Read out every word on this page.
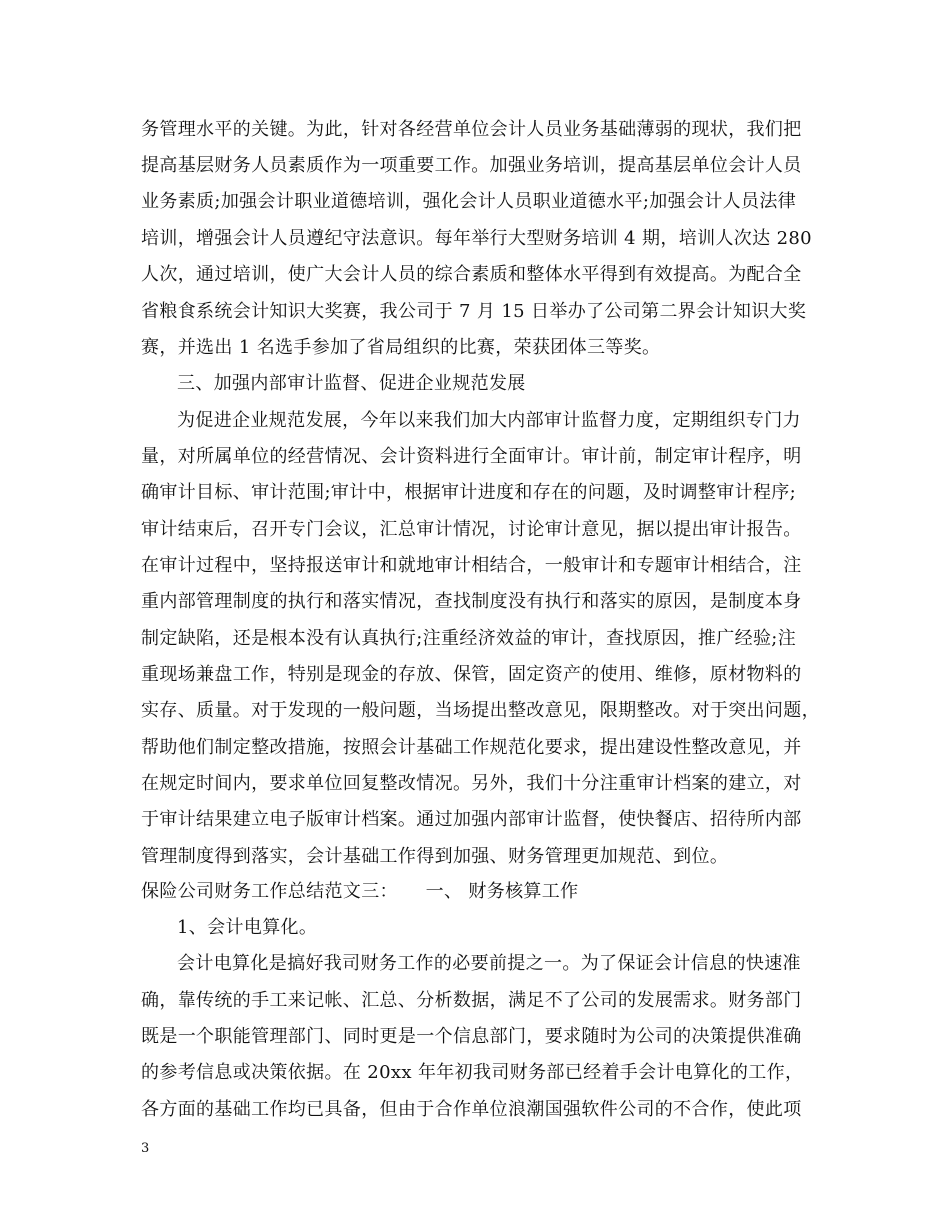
务管理水平的关键。为此，针对各经营单位会计人员业务基础薄弱的现状，我们把
提高基层财务人员素质作为一项重要工作。加强业务培训，提高基层单位会计人员
业务素质;加强会计职业道德培训，强化会计人员职业道德水平;加强会计人员法律
培训，增强会计人员遵纪守法意识。每年举行大型财务培训 4 期，培训人次达 280
人次，通过培训，使广大会计人员的综合素质和整体水平得到有效提高。为配合全
省粮食系统会计知识大奖赛，我公司于 7 月 15 日举办了公司第二界会计知识大奖
赛，并选出 1 名选手参加了省局组织的比赛，荣获团体三等奖。
三、加强内部审计监督、促进企业规范发展
为促进企业规范发展，今年以来我们加大内部审计监督力度，定期组织专门力
量，对所属单位的经营情况、会计资料进行全面审计。审计前，制定审计程序，明
确审计目标、审计范围;审计中，根据审计进度和存在的问题，及时调整审计程序;
审计结束后，召开专门会议，汇总审计情况，讨论审计意见，据以提出审计报告。
在审计过程中，坚持报送审计和就地审计相结合，一般审计和专题审计相结合，注
重内部管理制度的执行和落实情况，查找制度没有执行和落实的原因，是制度本身
制定缺陷，还是根本没有认真执行;注重经济效益的审计，查找原因，推广经验;注
重现场兼盘工作，特别是现金的存放、保管，固定资产的使用、维修，原材物料的
实存、质量。对于发现的一般问题，当场提出整改意见，限期整改。对于突出问题，
帮助他们制定整改措施，按照会计基础工作规范化要求，提出建设性整改意见，并
在规定时间内，要求单位回复整改情况。另外，我们十分注重审计档案的建立，对
于审计结果建立电子版审计档案。通过加强内部审计监督，使快餐店、招待所内部
管理制度得到落实，会计基础工作得到加强、财务管理更加规范、到位。
保险公司财务工作总结范文三：　　一、 财务核算工作
1、会计电算化。
会计电算化是搞好我司财务工作的必要前提之一。为了保证会计信息的快速准
确，靠传统的手工来记帐、汇总、分析数据，满足不了公司的发展需求。财务部门
既是一个职能管理部门、同时更是一个信息部门，要求随时为公司的决策提供准确
的参考信息或决策依据。在 20xx 年年初我司财务部已经着手会计电算化的工作，
各方面的基础工作均已具备，但由于合作单位浪潮国强软件公司的不合作，使此项
3
